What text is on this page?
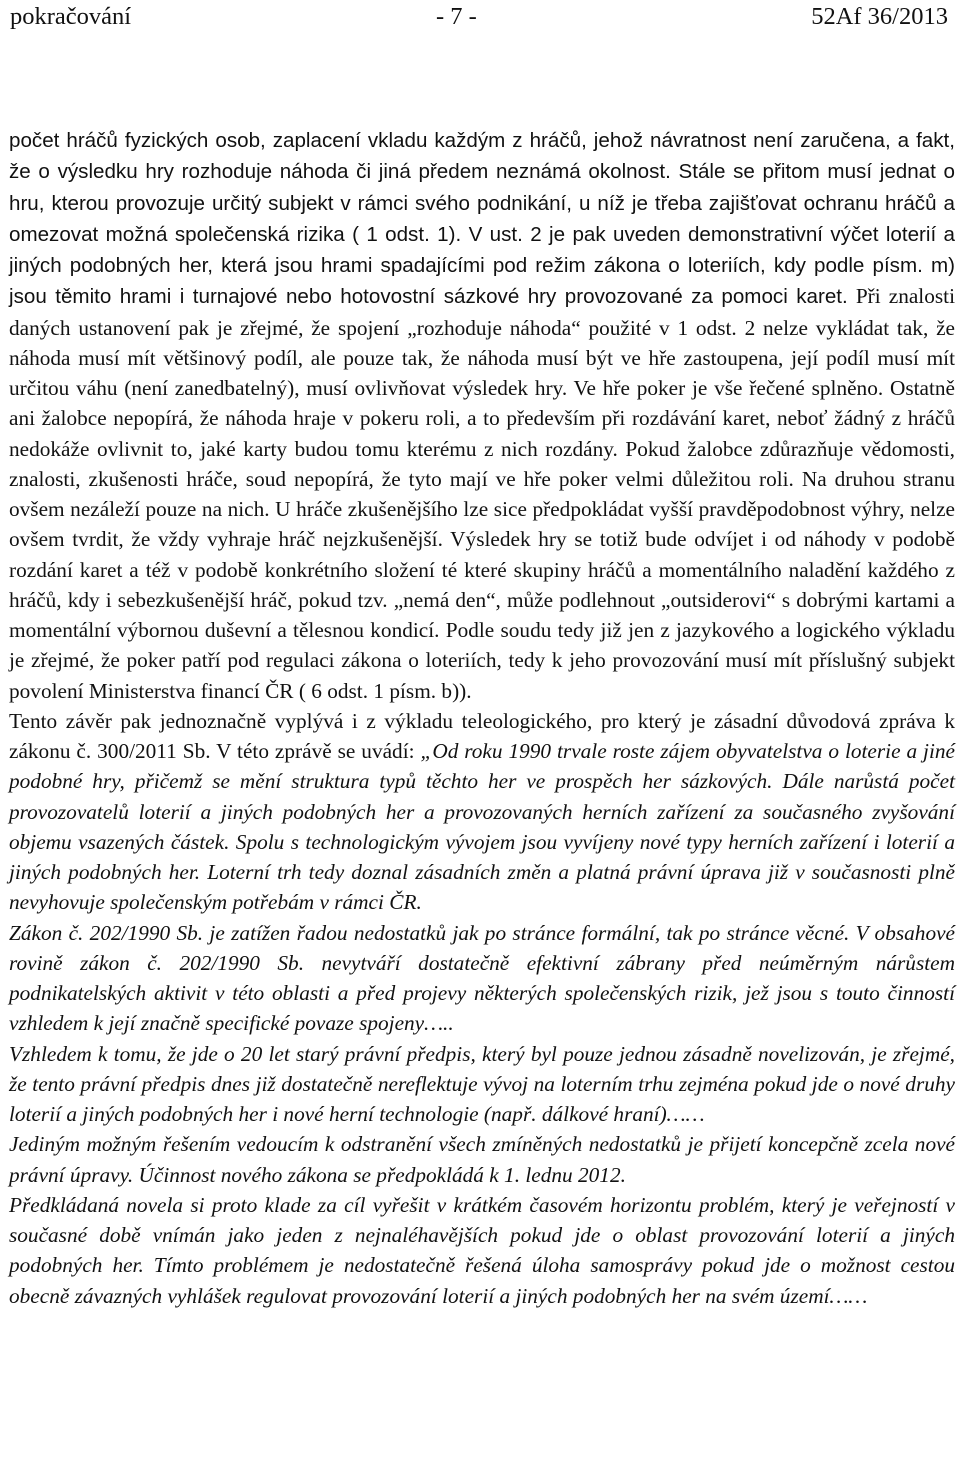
pokračování	- 7 -	52Af 36/2013

počet hráčů fyzických osob, zaplacení vkladu každým z hráčů, jehož návratnost není zaručena, a fakt, že o výsledku hry rozhoduje náhoda či jiná předem neznámá okolnost. Stále se přitom musí jednat o hru, kterou provozuje určitý subjekt v rámci svého podnikání, u níž je třeba zajišťovat ochranu hráčů a omezovat možná společenská rizika ( 1 odst. 1). V ust. 2 je pak uveden demonstrativní výčet loterií a jiných podobných her, která jsou hrami spadajícími pod režim zákona o loteriích, kdy podle písm. m) jsou těmito hrami i turnajové nebo hotovostní sázkové hry provozované za pomoci karet. Při znalosti daných ustanovení pak je zřejmé, že spojení „rozhoduje náhoda“ použité v 1 odst. 2 nelze vykládat tak, že náhoda musí mít většinový podíl, ale pouze tak, že náhoda musí být ve hře zastoupena, její podíl musí mít určitou váhu (není zanedbatelný), musí ovlivňovat výsledek hry. Ve hře poker je vše řečené splněno. Ostatně ani žalobce nepopírá, že náhoda hraje v pokeru roli, a to především při rozdávání karet, neboť žádný z hráčů nedokáže ovlivnit to, jaké karty budou tomu kterému z nich rozdány. Pokud žalobce zdůrazňuje vědomosti, znalosti, zkušenosti hráče, soud nepopírá, že tyto mají ve hře poker velmi důležitou roli. Na druhou stranu ovšem nezáleží pouze na nich. U hráče zkušenějšího lze sice předpokládat vyšší pravděpodobnost výhry, nelze ovšem tvrdit, že vždy vyhraje hráč nejzkušenější. Výsledek hry se totiž bude odvíjet i od náhody v podobě rozdání karet a též v podobě konkrétního složení té které skupiny hráčů a momentálního naladění každého z hráčů, kdy i sebezkušenější hráč, pokud tzv. „nemá den“, může podlehnout „outsiderovi“ s dobrými kartami a momentální výbornou duševní a tělesnou kondicí. Podle soudu tedy již jen z jazykového a logického výkladu je zřejmé, že poker patří pod regulaci zákona o loteriích, tedy k jeho provozování musí mít příslušný subjekt povolení Ministerstva financí ČR ( 6 odst. 1 písm. b)).

Tento závěr pak jednoznačně vyplývá i z výkladu teleologického, pro který je zásadní důvodová zpráva k zákonu č. 300/2011 Sb. V této zprávě se uvádí: „Od roku 1990 trvale roste zájem obyvatelstva o loterie a jiné podobné hry, přičemž se mění struktura typů těchto her ve prospěch her sázkových. Dále narůstá počet provozovatelů loterií a jiných podobných her a provozovaných herních zařízení za současného zvyšování objemu vsazených částek. Spolu s technologickým vývojem jsou vyvíjeny nové typy herních zařízení i loterií a jiných podobných her. Loterní trh tedy doznal zásadních změn a platná právní úprava již v současnosti plně nevyhovuje společenským potřebám v rámci ČR.

Zákon č. 202/1990 Sb. je zatížen řadou nedostatků jak po stránce formální, tak po stránce věcné. V obsahové rovině zákon č. 202/1990 Sb. nevytváří dostatečně efektivní zábrany před neúměrným nárůstem podnikatelských aktivit v této oblasti a před projevy některých společenských rizik, jež jsou s touto činností vzhledem k její značně specifické povaze spojeny…..

Vzhledem k tomu, že jde o 20 let starý právní předpis, který byl pouze jednou zásadně novelizován, je zřejmé, že tento právní předpis dnes již dostatečně nereflektuje vývoj na loterním trhu zejména pokud jde o nové druhy loterií a jiných podobných her i nové herní technologie (např. dálkové hraní)……

Jediným možným řešením vedoucím k odstranění všech zmíněných nedostatků je přijetí koncepčně zcela nové právní úpravy. Účinnost nového zákona se předpokládá k 1. lednu 2012.

Předkládaná novela si proto klade za cíl vyřešit v krátkém časovém horizontu problém, který je veřejností v současné době vnímán jako jeden z nejnaléhavějších pokud jde o oblast provozování loterií a jiných podobných her. Tímto problémem je nedostatečně řešená úloha samosprávy pokud jde o možnost cestou obecně závazných vyhlášek regulovat provozování loterií a jiných podobných her na svém území……
